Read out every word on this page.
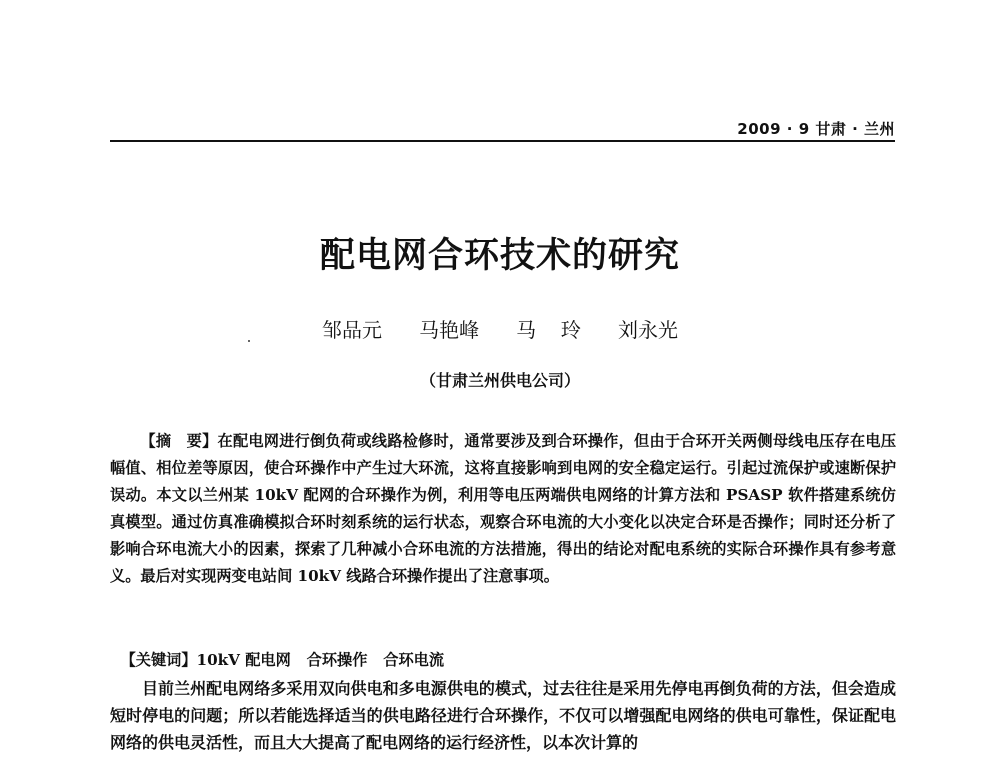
2009 · 9 甘肃 · 兰州
配电网合环技术的研究
邹品元   马艳峰   马  玲   刘永光
（甘肃兰州供电公司）
【摘　要】在配电网进行倒负荷或线路检修时，通常要涉及到合环操作，但由于合环开关两侧母线电压存在电压幅值、相位差等原因，使合环操作中产生过大环流，这将直接影响到电网的安全稳定运行。引起过流保护或速断保护误动。本文以兰州某 10kV 配网的合环操作为例，利用等电压两端供电网络的计算方法和 PSASP 软件搭建系统仿真模型。通过仿真准确模拟合环时刻系统的运行状态，观察合环电流的大小变化以决定合环是否操作；同时还分析了影响合环电流大小的因素，探索了几种减小合环电流的方法措施，得出的结论对配电系统的实际合环操作具有参考意义。最后对实现两变电站间 10kV 线路合环操作提出了注意事项。

【关键词】10kV 配电网   合环操作   合环电流

目前兰州配电网络多采用双向供电和多电源供电的模式，过去往往是采用先停电再倒负荷的方法，但会造成短时停电的问题；所以若能选择适当的供电路径进行合环操作，不仅可以增强配电网络的供电可靠性，保证配电网络的供电灵活性，而且大大提高了配电网络的运行经济性，以本次计算的
